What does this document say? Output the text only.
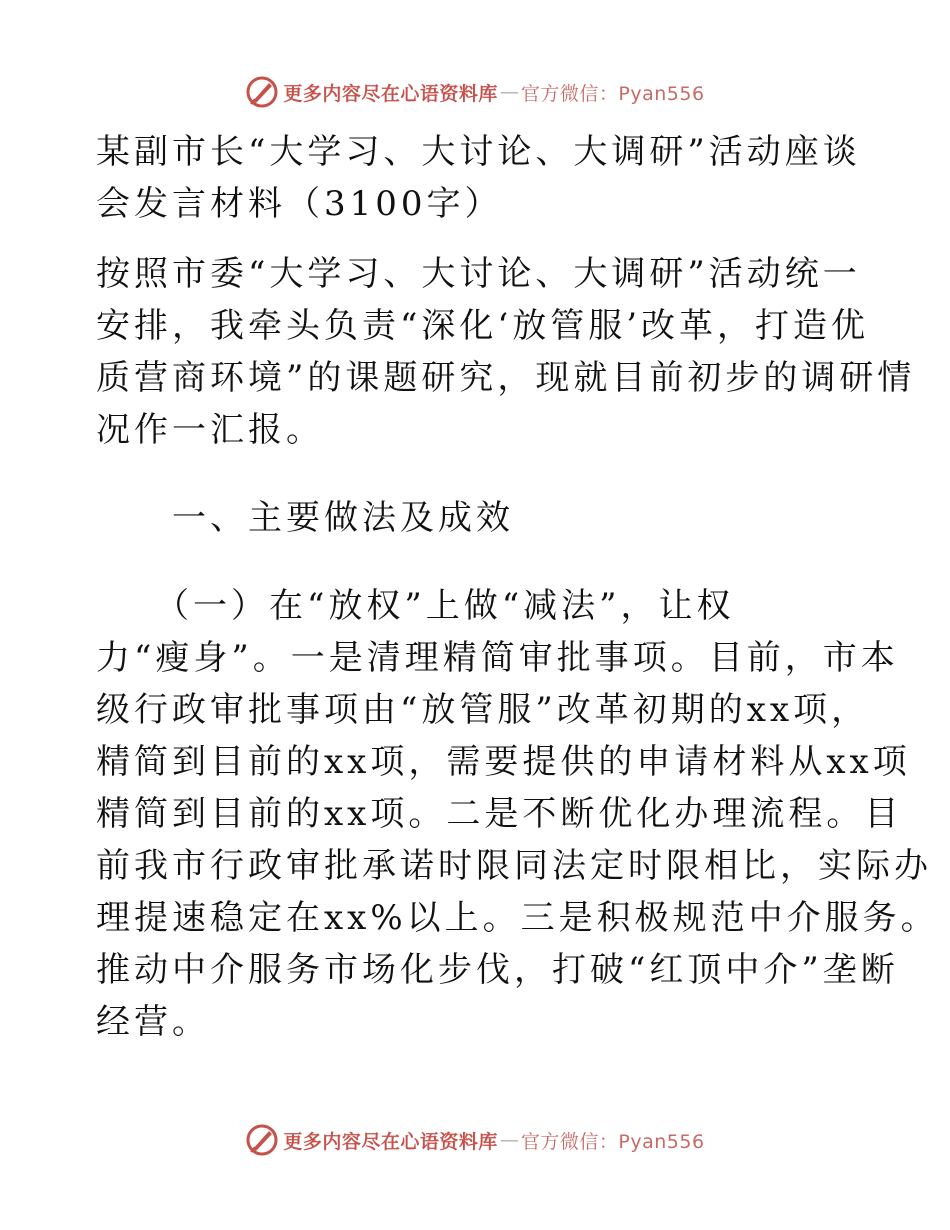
更多内容尽在心语资料库 — 官方微信：Pyan556
某副市长“大学习、大讨论、大调研”活动座谈
会发言材料（3100字）
按照市委“大学习、大讨论、大调研”活动统一
安排，我牵头负责“深化‘放管服’改革，打造优
质营商环境”的课题研究，现就目前初步的调研情
况作一汇报。
　　一、主要做法及成效
　　（一）在“放权”上做“减法”，让权
力“瘦身”。一是清理精简审批事项。目前，市本
级行政审批事项由“放管服”改革初期的xx项，
精简到目前的xx项，需要提供的申请材料从xx项
精简到目前的xx项。二是不断优化办理流程。目
前我市行政审批承诺时限同法定时限相比，实际办
理提速稳定在xx%以上。三是积极规范中介服务。
推动中介服务市场化步伐，打破“红顶中介”垄断
经营。
更多内容尽在心语资料库 — 官方微信：Pyan556
